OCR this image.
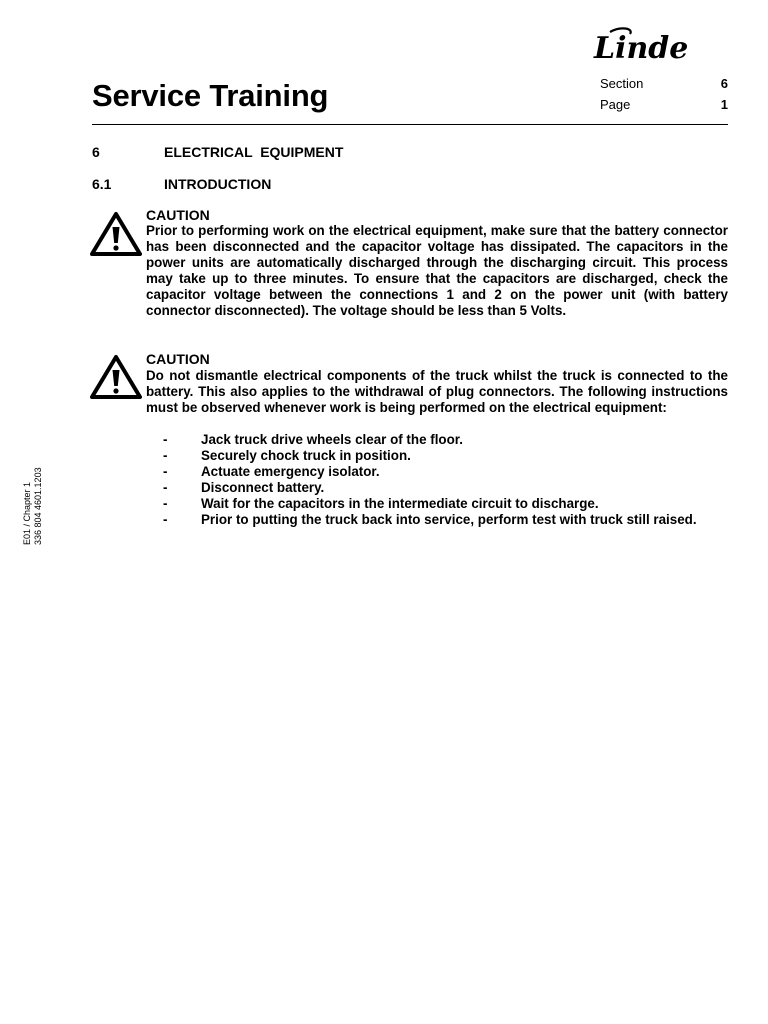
Linde
Service Training	Section	6
Page	1
6	ELECTRICAL  EQUIPMENT
6.1	INTRODUCTION
CAUTION
Prior to performing work on the electrical equipment, make sure that the battery connector has been disconnected and the capacitor voltage has dissipated. The capacitors in the power units are automatically discharged through the discharging circuit. This process may take up to three minutes. To ensure that the capacitors are discharged, check the capacitor voltage between the connections 1 and 2 on the power unit (with battery connector disconnected). The voltage should be less than 5 Volts.
CAUTION
Do not dismantle electrical components of the truck whilst the truck is connected to the battery. This also applies to the withdrawal of plug connectors. The following instructions must be observed whenever work is being performed on the electrical equipment:
-	Jack truck drive wheels clear of the floor.
-	Securely chock truck in position.
-	Actuate emergency isolator.
-	Disconnect battery.
-	Wait for the capacitors in the intermediate circuit to discharge.
-	Prior to putting the truck back into service, perform test with truck still raised.
E01 / Chapter 1 336 804 4601.1203
